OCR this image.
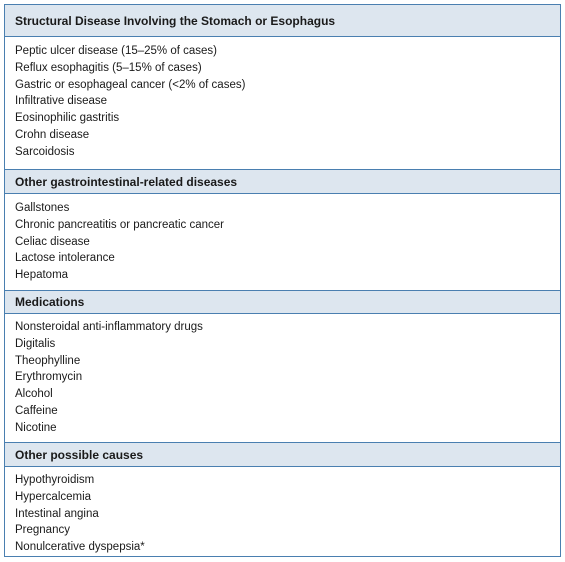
Structural Disease Involving the Stomach or Esophagus
Peptic ulcer disease (15–25% of cases)
Reflux esophagitis (5–15% of cases)
Gastric or esophageal cancer (<2% of cases)
Infiltrative disease
Eosinophilic gastritis
Crohn disease
Sarcoidosis
Other gastrointestinal-related diseases
Gallstones
Chronic pancreatitis or pancreatic cancer
Celiac disease
Lactose intolerance
Hepatoma
Medications
Nonsteroidal anti-inflammatory drugs
Digitalis
Theophylline
Erythromycin
Alcohol
Caffeine
Nicotine
Other possible causes
Hypothyroidism
Hypercalcemia
Intestinal angina
Pregnancy
Nonulcerative dyspepsia*
